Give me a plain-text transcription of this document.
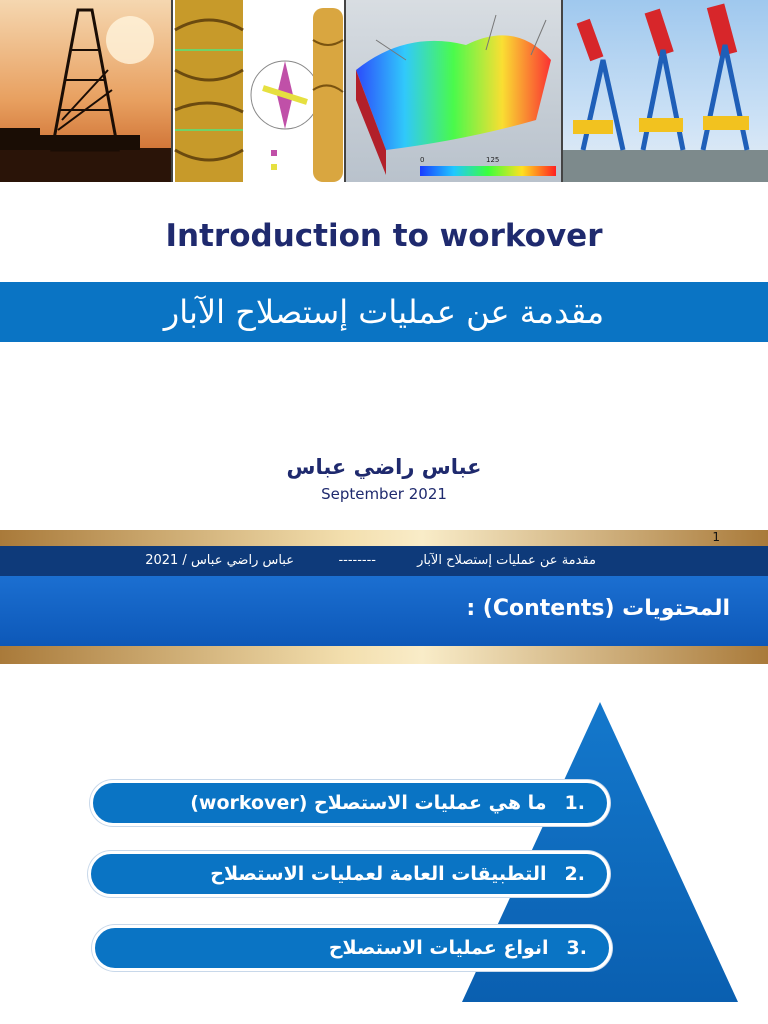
0	125
Introduction to workover
مقدمة عن عمليات إستصلاح الآبار
عباس راضي عباس
September 2021
1
مقدمة عن عمليات إستصلاح الآبار
--------
عباس راضي عباس / 2021
المحتويات (Contents) :
.1
ما هي عمليات الاستصلاح (workover)
.2
التطبيقات العامة لعمليات الاستصلاح
.3
انواع عمليات الاستصلاح
